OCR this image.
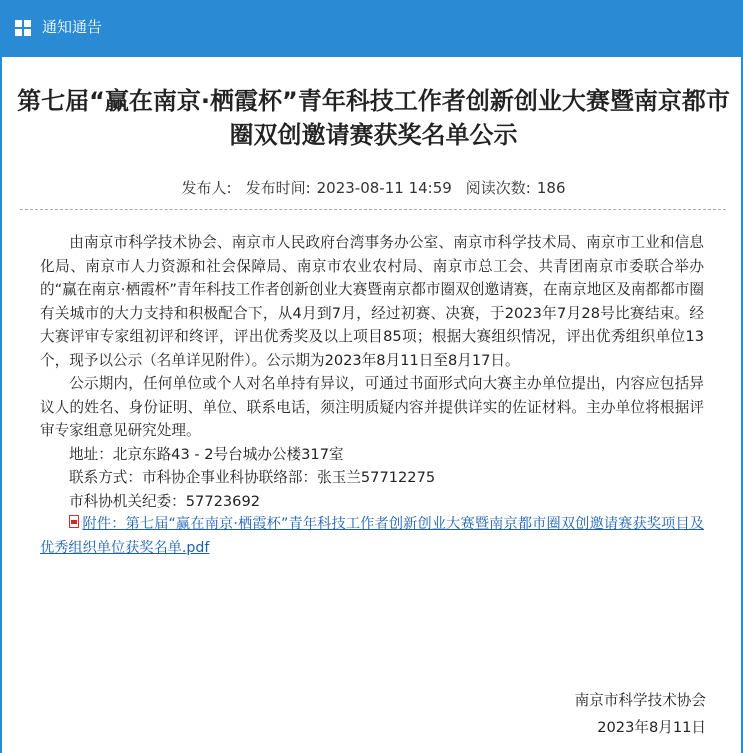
通知通告
第七届“赢在南京·栖霞杯”青年科技工作者创新创业大赛暨南京都市圈双创邀请赛获奖名单公示
发布人: 发布时间: 2023-08-11 14:59 阅读次数: 186

由南京市科学技术协会、南京市人民政府台湾事务办公室、南京市科学技术局、南京市工业和信息化局、南京市人力资源和社会保障局、南京市农业农村局、南京市总工会、共青团南京市委联合举办的“赢在南京·栖霞杯”青年科技工作者创新创业大赛暨南京都市圈双创邀请赛，在南京地区及南都都市圈有关城市的大力支持和积极配合下，从4月到7月，经过初赛、决赛，于2023年7月28号比赛结束。经大赛评审专家组初评和终评，评出优秀奖及以上项目85项；根据大赛组织情况，评出优秀组织单位13个，现予以公示（名单详见附件）。公示期为2023年8月11日至8月17日。

公示期内，任何单位或个人对名单持有异议，可通过书面形式向大赛主办单位提出，内容应包括异议人的姓名、身份证明、单位、联系电话，须注明质疑内容并提供详实的佐证材料。主办单位将根据评审专家组意见研究处理。

地址：北京东路43 - 2号台城办公楼317室
联系方式：市科协企事业科协联络部：张玉兰57712275
市科协机关纪委：57723692

附件：第七届“赢在南京·栖霞杯”青年科技工作者创新创业大赛暨南京都市圈双创邀请赛获奖项目及优秀组织单位获奖名单.pdf

南京市科学技术协会
2023年8月11日
